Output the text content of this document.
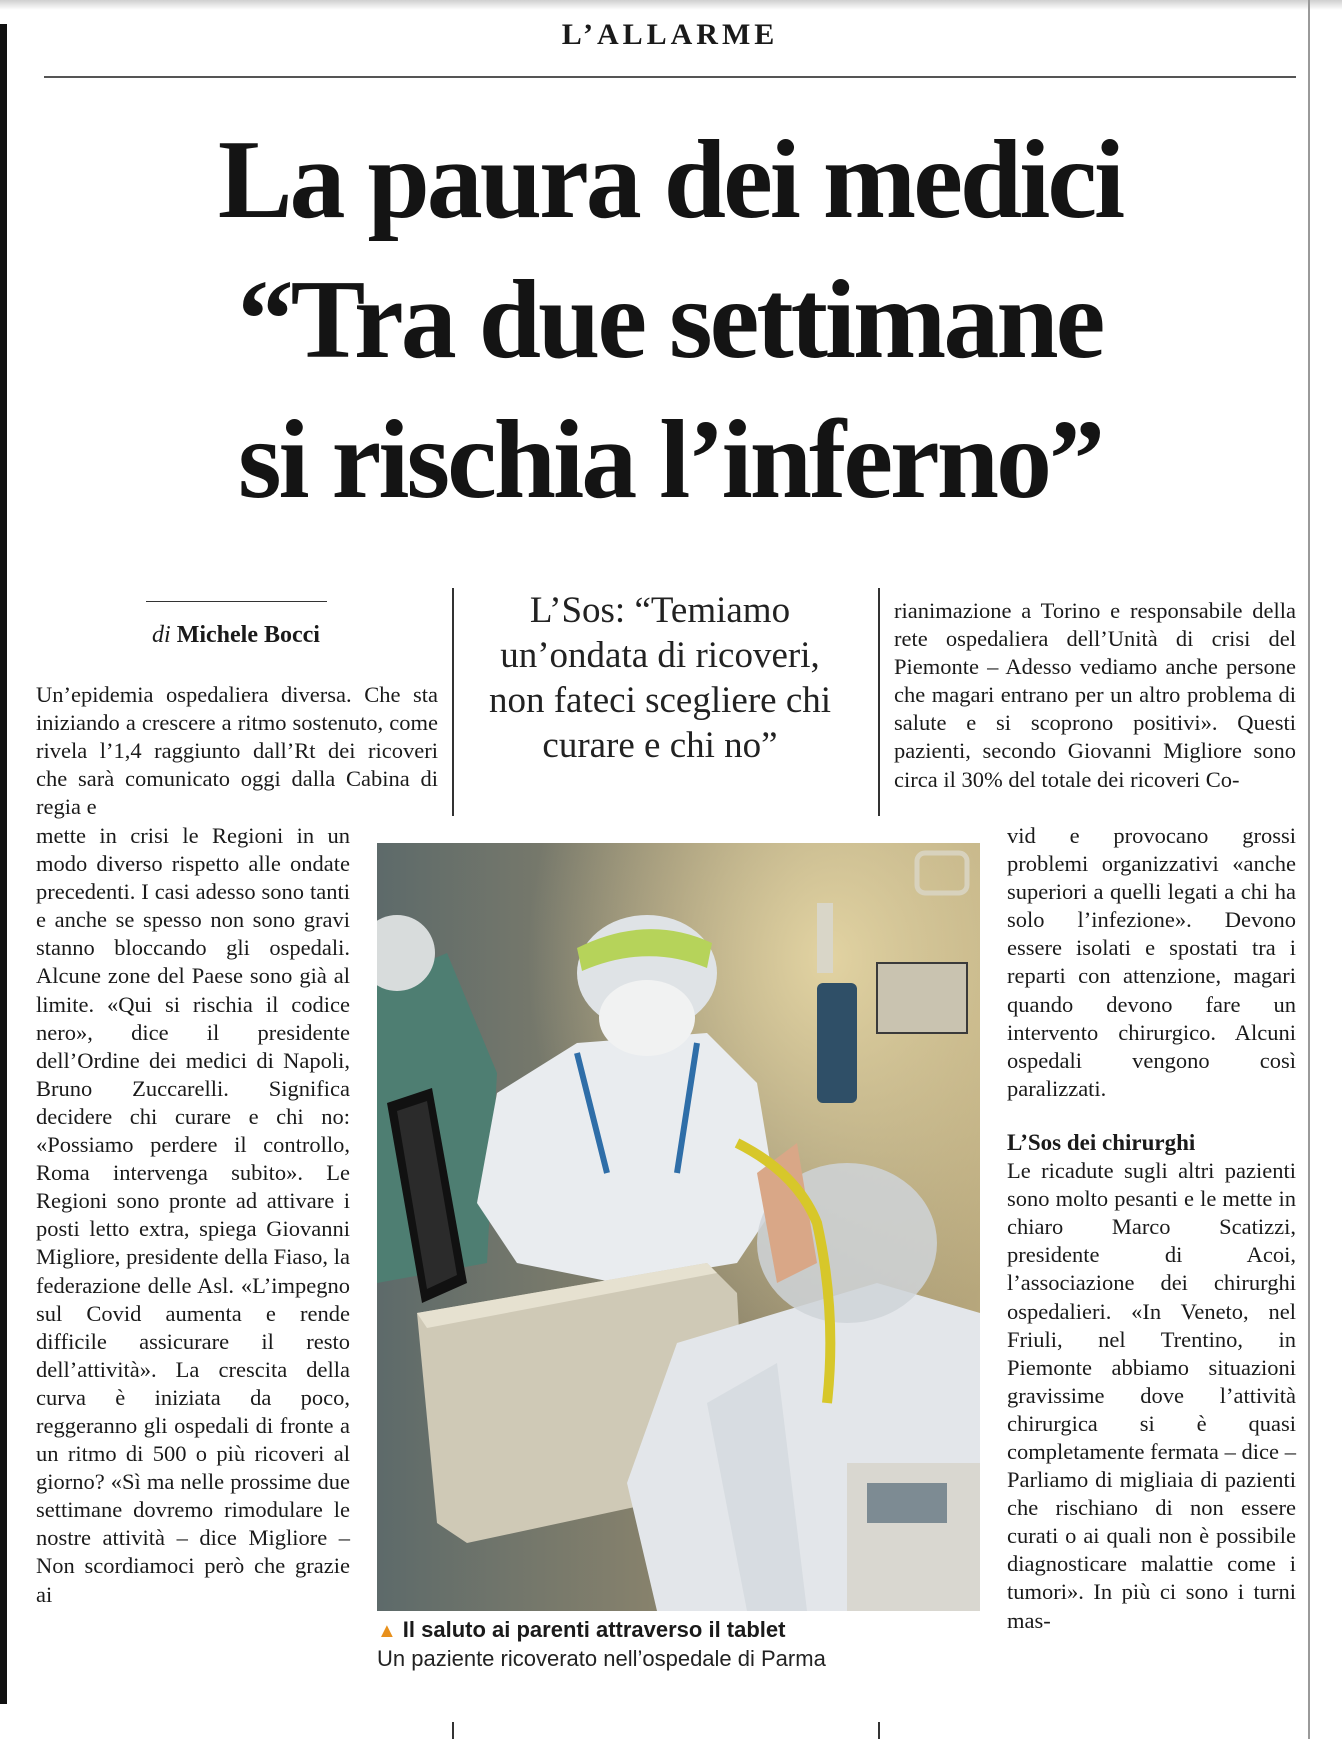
L’ALLARME
La paura dei medici
“Tra due settimane
si rischia l’inferno”
di Michele Bocci

Un’epidemia ospedaliera diversa. Che sta iniziando a crescere a ritmo sostenuto, come rivela l’1,4 raggiunto dall’Rt dei ricoveri che sarà comunicato oggi dalla Cabina di regia e

mette in crisi le Regioni in un modo diverso rispetto alle ondate precedenti. I casi adesso sono tanti e anche se spesso non sono gravi stanno bloccando gli ospedali. Alcune zone del Paese sono già al limite. «Qui si rischia il codice nero», dice il presidente dell’Ordine dei medici di Napoli, Bruno Zuccarelli. Significa decidere chi curare e chi no: «Possiamo perdere il controllo, Roma intervenga subito». Le Regioni sono pronte ad attivare i posti letto extra, spiega Giovanni Migliore, presidente della Fiaso, la federazione delle Asl. «L’impegno sul Covid aumenta e rende difficile assicurare il resto dell’attività». La crescita della curva è iniziata da poco, reggeranno gli ospedali di fronte a un ritmo di 500 o più ricoveri al giorno? «Sì ma nelle prossime due settimane dovremo rimodulare le nostre attività – dice Migliore – Non scordiamoci però che grazie ai

L’Sos: “Temiamo un’ondata di ricoveri, non fateci scegliere chi curare e chi no”
▲ Il saluto ai parenti attraverso il tablet
Un paziente ricoverato nell’ospedale di Parma

rianimazione a Torino e responsabile della rete ospedaliera dell’Unità di crisi del Piemonte – Adesso vediamo anche persone che magari entrano per un altro problema di salute e si scoprono positivi». Questi pazienti, secondo Giovanni Migliore sono circa il 30% del totale dei ricoveri Co-

vid e provocano grossi problemi organizzativi «anche superiori a quelli legati a chi ha solo l’infezione». Devono essere isolati e spostati tra i reparti con attenzione, magari quando devono fare un intervento chirurgico. Alcuni ospedali vengono così paralizzati.

L’Sos dei chirurghi

Le ricadute sugli altri pazienti sono molto pesanti e le mette in chiaro Marco Scatizzi, presidente di Acoi, l’associazione dei chirurghi ospedalieri. «In Veneto, nel Friuli, nel Trentino, in Piemonte abbiamo situazioni gravissime dove l’attività chirurgica si è quasi completamente fermata – dice – Parliamo di migliaia di pazienti che rischiano di non essere curati o ai quali non è possibile diagnosticare malattie come i tumori». In più ci sono i turni mas-
